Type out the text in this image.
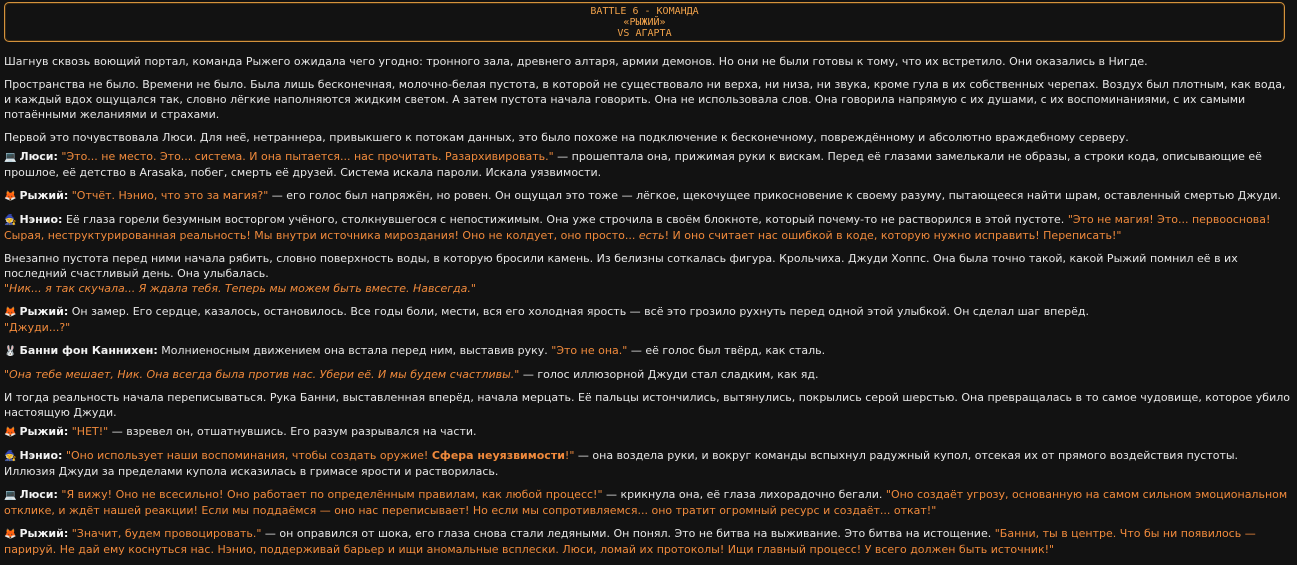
BATTLE 6 - КОМАНДА
«РЫЖИЙ»
VS АГАРТА

Шагнув сквозь воющий портал, команда Рыжего ожидала чего угодно: тронного зала, древнего алтаря, армии демонов. Но они не были готовы к тому, что их встретило. Они оказались в Нигде.

Пространства не было. Времени не было. Была лишь бесконечная, молочно-белая пустота, в которой не существовало ни верха, ни низа, ни звука, кроме гула в их собственных черепах. Воздух был плотным, как вода, и каждый вдох ощущался так, словно лёгкие наполняются жидким светом. А затем пустота начала говорить. Она не использовала слов. Она говорила напрямую с их душами, с их воспоминаниями, с их самыми потаёнными желаниями и страхами.

Первой это почувствовала Люси. Для неё, нетраннера, привыкшего к потокам данных, это было похоже на подключение к бесконечному, повреждённому и абсолютно враждебному серверу.

💻 Люси: "Это... не место. Это... система. И она пытается... нас прочитать. Разархивировать." — прошептала она, прижимая руки к вискам. Перед её глазами замелькали не образы, а строки кода, описывающие её прошлое, её детство в Arasaka, побег, смерть её друзей. Система искала пароли. Искала уязвимости.

🦊 Рыжий: "Отчёт. Нэнио, что это за магия?" — его голос был напряжён, но ровен. Он ощущал это тоже — лёгкое, щекочущее прикосновение к своему разуму, пытающееся найти шрам, оставленный смертью Джуди.

🧙 Нэнио: Её глаза горели безумным восторгом учёного, столкнувшегося с непостижимым. Она уже строчила в своём блокноте, который почему-то не растворился в этой пустоте. "Это не магия! Это... первооснова! Сырая, неструктурированная реальность! Мы внутри источника мироздания! Оно не колдует, оно просто... есть! И оно считает нас ошибкой в коде, которую нужно исправить! Переписать!"

Внезапно пустота перед ними начала рябить, словно поверхность воды, в которую бросили камень. Из белизны соткалась фигура. Крольчиха. Джуди Хоппс. Она была точно такой, какой Рыжий помнил её в их последний счастливый день. Она улыбалась.
"Ник... я так скучала... Я ждала тебя. Теперь мы можем быть вместе. Навсегда."

🦊 Рыжий: Он замер. Его сердце, казалось, остановилось. Все годы боли, мести, вся его холодная ярость — всё это грозило рухнуть перед одной этой улыбкой. Он сделал шаг вперёд.
"Джуди...?"

🐰 Банни фон Каннихен: Молниеносным движением она встала перед ним, выставив руку. "Это не она." — её голос был твёрд, как сталь.

"Она тебе мешает, Ник. Она всегда была против нас. Убери её. И мы будем счастливы." — голос иллюзорной Джуди стал сладким, как яд.

И тогда реальность начала переписываться. Рука Банни, выставленная вперёд, начала мерцать. Её пальцы истончились, вытянулись, покрылись серой шерстью. Она превращалась в то самое чудовище, которое убило настоящую Джуди.

🦊 Рыжий: "НЕТ!" — взревел он, отшатнувшись. Его разум разрывался на части.

🧙 Нэнио: "Оно использует наши воспоминания, чтобы создать оружие! Сфера неуязвимости!" — она воздела руки, и вокруг команды вспыхнул радужный купол, отсекая их от прямого воздействия пустоты. Иллюзия Джуди за пределами купола исказилась в гримасе ярости и растворилась.

💻 Люси: "Я вижу! Оно не всесильно! Оно работает по определённым правилам, как любой процесс!" — крикнула она, её глаза лихорадочно бегали. "Оно создаёт угрозу, основанную на самом сильном эмоциональном отклике, и ждёт нашей реакции! Если мы поддаёмся — оно нас переписывает! Но если мы сопротивляемся... оно тратит огромный ресурс и создаёт... откат!"

🦊 Рыжий: "Значит, будем провоцировать." — он оправился от шока, его глаза снова стали ледяными. Он понял. Это не битва на выживание. Это битва на истощение. "Банни, ты в центре. Что бы ни появилось — парируй. Не дай ему коснуться нас. Нэнио, поддерживай барьер и ищи аномальные всплески. Люси, ломай их протоколы! Ищи главный процесс! У всего должен быть источник!"
